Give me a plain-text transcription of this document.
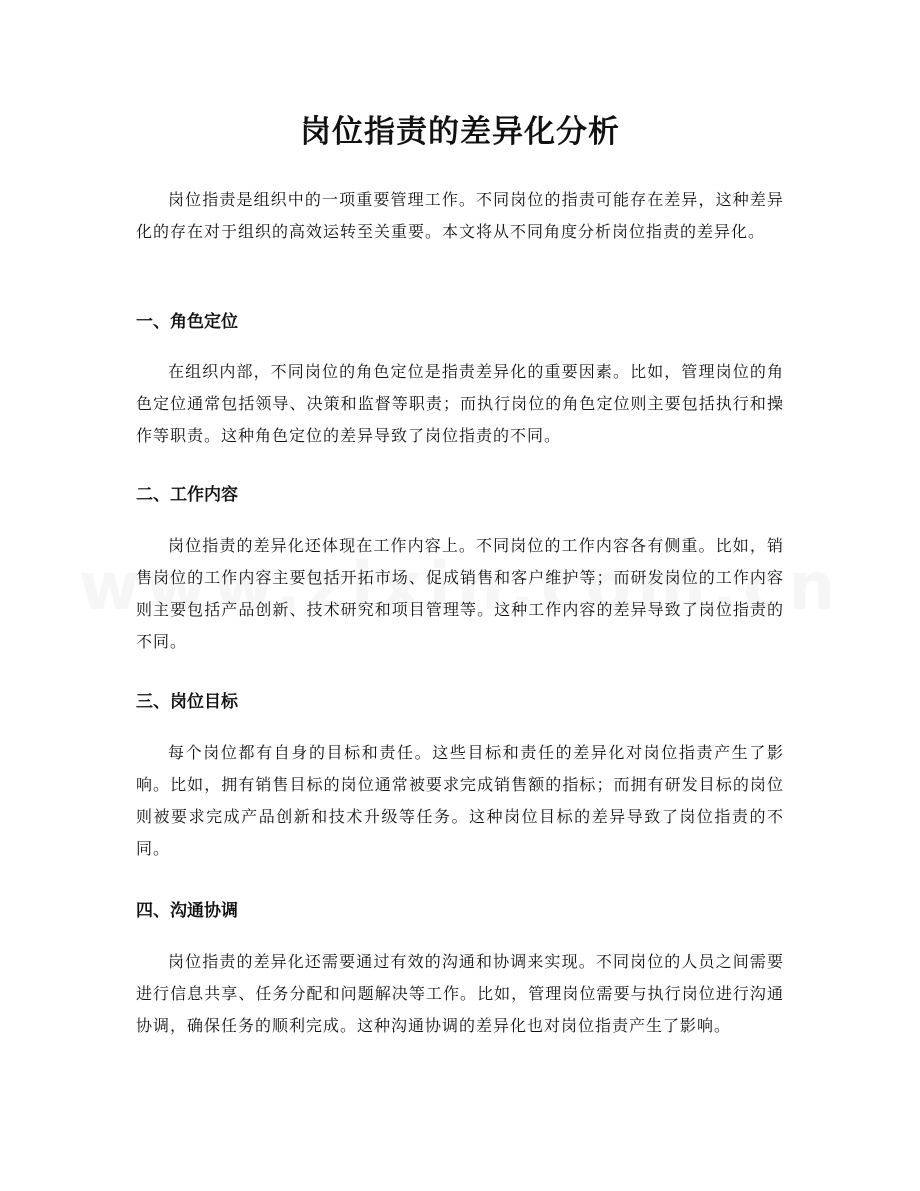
岗位指责的差异化分析

岗位指责是组织中的一项重要管理工作。不同岗位的指责可能存在差异，这种差异化的存在对于组织的高效运转至关重要。本文将从不同角度分析岗位指责的差异化。

一、角色定位

在组织内部，不同岗位的角色定位是指责差异化的重要因素。比如，管理岗位的角色定位通常包括领导、决策和监督等职责；而执行岗位的角色定位则主要包括执行和操作等职责。这种角色定位的差异导致了岗位指责的不同。

二、工作内容

岗位指责的差异化还体现在工作内容上。不同岗位的工作内容各有侧重。比如，销售岗位的工作内容主要包括开拓市场、促成销售和客户维护等；而研发岗位的工作内容则主要包括产品创新、技术研究和项目管理等。这种工作内容的差异导致了岗位指责的不同。

三、岗位目标

每个岗位都有自身的目标和责任。这些目标和责任的差异化对岗位指责产生了影响。比如，拥有销售目标的岗位通常被要求完成销售额的指标；而拥有研发目标的岗位则被要求完成产品创新和技术升级等任务。这种岗位目标的差异导致了岗位指责的不同。

四、沟通协调

岗位指责的差异化还需要通过有效的沟通和协调来实现。不同岗位的人员之间需要进行信息共享、任务分配和问题解决等工作。比如，管理岗位需要与执行岗位进行沟通协调，确保任务的顺利完成。这种沟通协调的差异化也对岗位指责产生了影响。
